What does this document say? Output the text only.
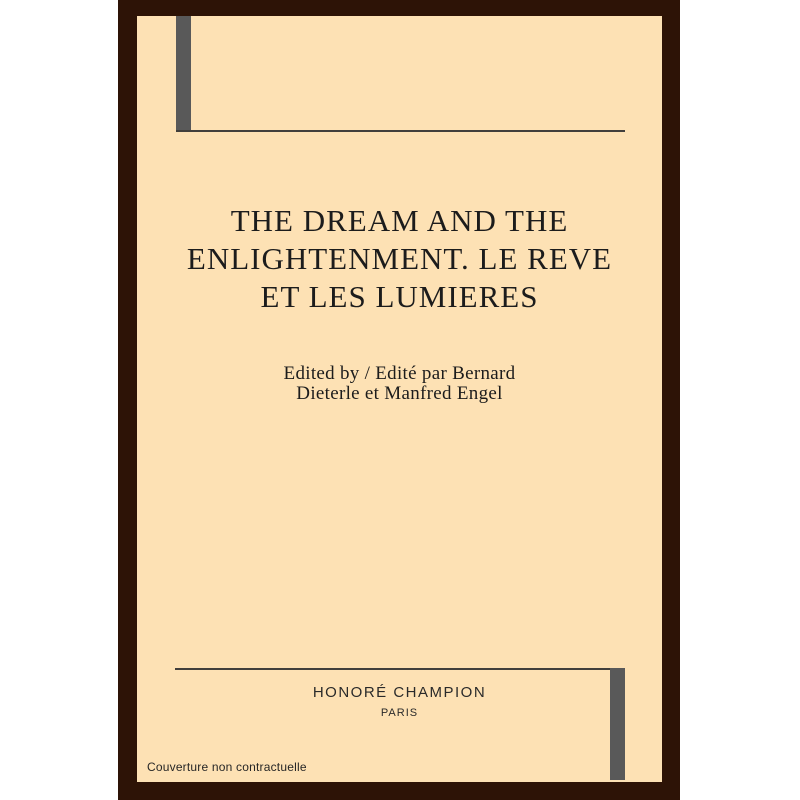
THE DREAM AND THE
ENLIGHTENMENT. LE REVE
ET LES LUMIERES

Edited by / Edité par Bernard
Dieterle et Manfred Engel

HONORÉ CHAMPION
PARIS
Couverture non contractuelle
